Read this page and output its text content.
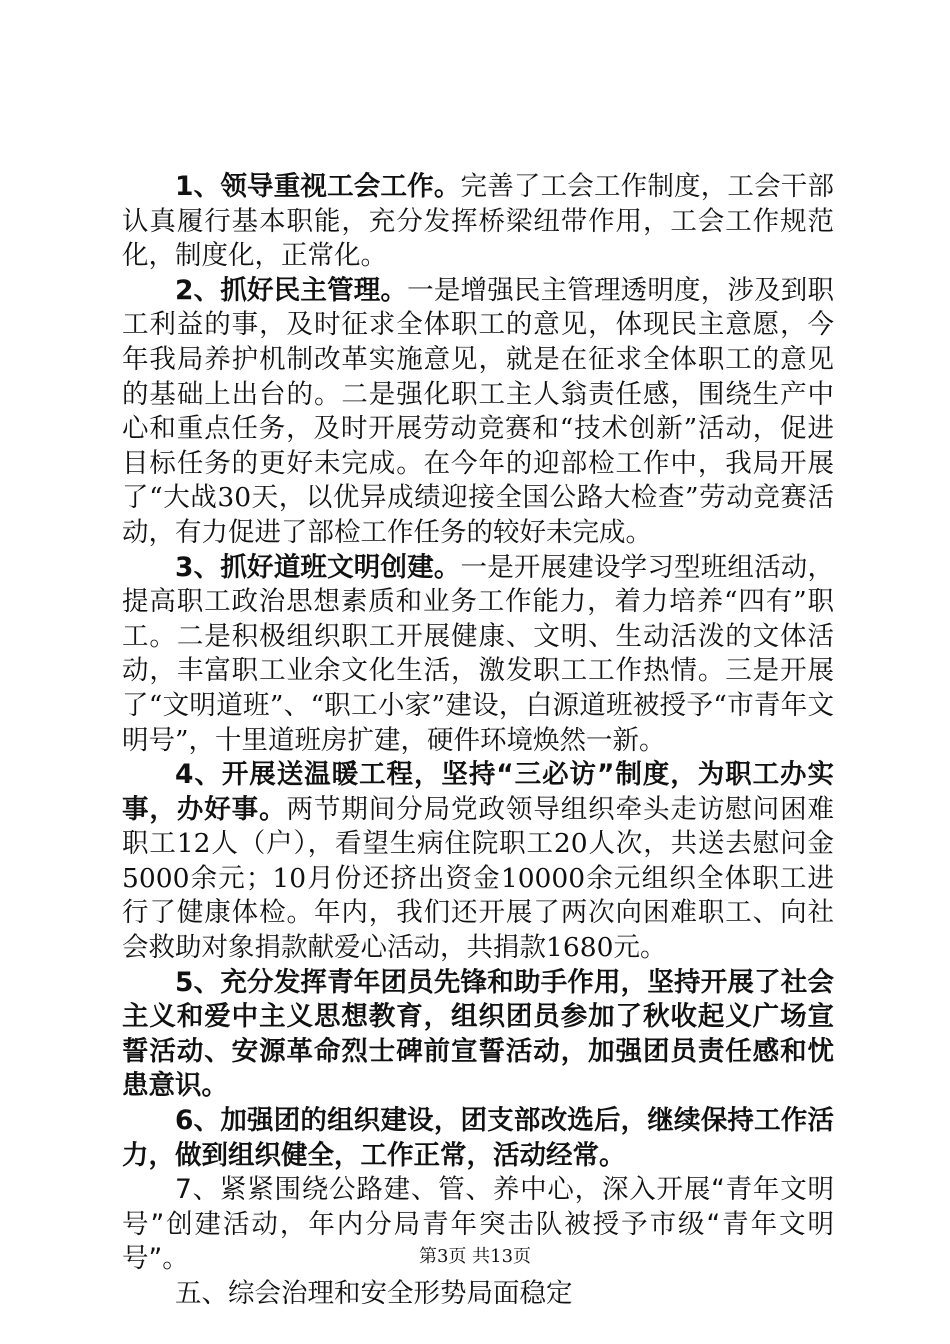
1、领导重视工会工作。完善了工会工作制度，工会干部认真履行基本职能，充分发挥桥梁纽带作用，工会工作规范化，制度化，正常化。

2、抓好民主管理。一是增强民主管理透明度，涉及到职工利益的事，及时征求全体职工的意见，体现民主意愿，今年我局养护机制改革实施意见，就是在征求全体职工的意见的基础上出台的。二是强化职工主人翁责任感，围绕生产中心和重点任务，及时开展劳动竞赛和“技术创新”活动，促进目标任务的更好未完成。在今年的迎部检工作中，我局开展了“大战30天，以优异成绩迎接全国公路大检查”劳动竞赛活动，有力促进了部检工作任务的较好未完成。

3、抓好道班文明创建。一是开展建设学习型班组活动，提高职工政治思想素质和业务工作能力，着力培养“四有”职工。二是积极组织职工开展健康、文明、生动活泼的文体活动，丰富职工业余文化生活，激发职工工作热情。三是开展了“文明道班”、“职工小家”建设，白源道班被授予“市青年文明号”，十里道班房扩建，硬件环境焕然一新。

4、开展送温暖工程，坚持“三必访”制度，为职工办实事，办好事。两节期间分局党政领导组织牵头走访慰问困难职工12人（户），看望生病住院职工20人次，共送去慰问金5000余元；10月份还挤出资金10000余元组织全体职工进行了健康体检。年内，我们还开展了两次向困难职工、向社会救助对象捐款献爱心活动，共捐款1680元。

5、充分发挥青年团员先锋和助手作用，坚持开展了社会主义和爱中主义思想教育，组织团员参加了秋收起义广场宣誓活动、安源革命烈士碑前宣誓活动，加强团员责任感和忧患意识。

6、加强团的组织建设，团支部改选后，继续保持工作活力，做到组织健全，工作正常，活动经常。

7、紧紧围绕公路建、管、养中心，深入开展“青年文明号”创建活动，年内分局青年突击队被授予市级“青年文明号”。

五、综会治理和安全形势局面稳定

第3页 共13页
